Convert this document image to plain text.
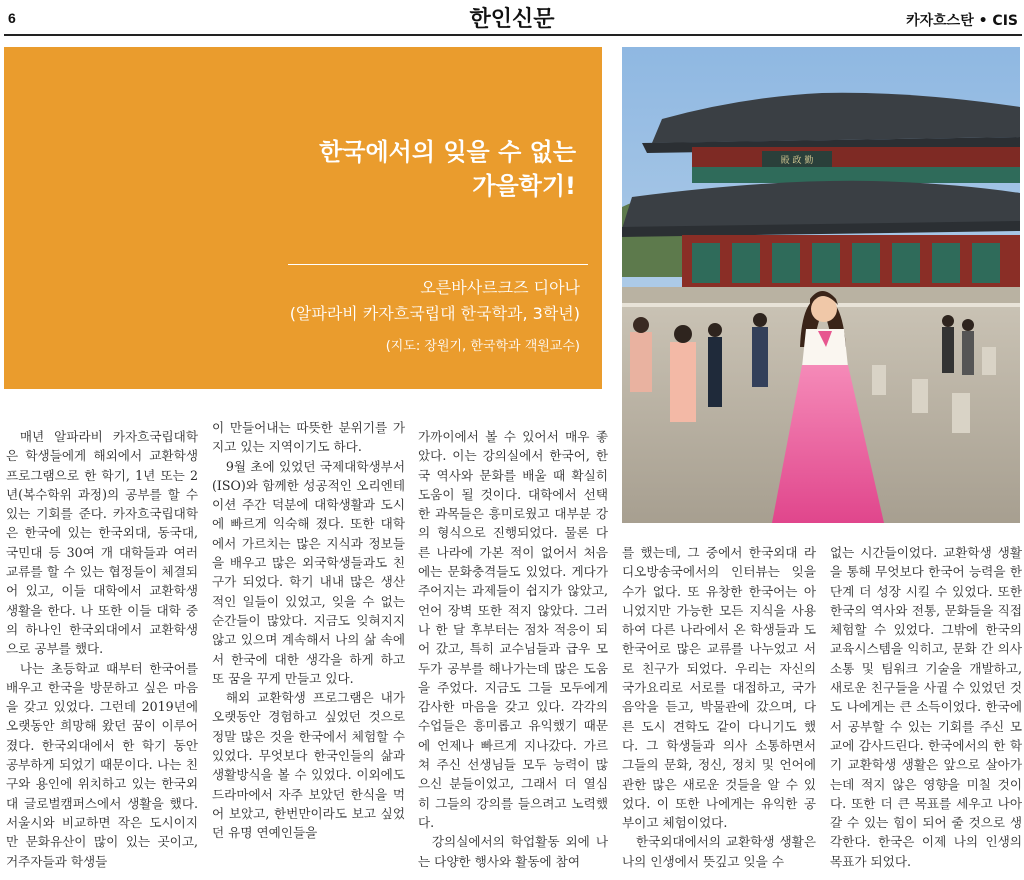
6	한인신문	카자흐스탄 • CIS
한국에서의 잊을 수 없는
가을학기!
오른바사르크즈 디아나
(알파라비 카자흐국립대 한국학과, 3학년)
(지도: 장원기, 한국학과 객원교수)
殿 政 勤

매년 알파라비 카자흐국립대학은 학생들에게 해외에서 교환학생 프로그램으로 한 학기, 1년 또는 2년(복수학위 과정)의 공부를 할 수 있는 기회를 준다. 카자흐국립대학은 한국에 있는 한국외대, 동국대, 국민대 등 30여 개 대학들과 여러 교류를 할 수 있는 협정들이 체결되어 있고, 이들 대학에서 교환학생 생활을 한다. 나 또한 이들 대학 중의 하나인 한국외대에서 교환학생으로 공부를 했다.

나는 초등학교 때부터 한국어를 배우고 한국을 방문하고 싶은 마음을 갖고 있었다. 그런데 2019년에 오랫동안 희망해 왔던 꿈이 이루어졌다. 한국외대에서 한 학기 동안 공부하게 되었기 때문이다. 나는 친구와 용인에 위치하고 있는 한국외대 글로벌캠퍼스에서 생활을 했다. 서울시와 비교하면 작은 도시이지만 문화유산이 많이 있는 곳이고, 거주자들과 학생들

이 만들어내는 따뜻한 분위기를 가지고 있는 지역이기도 하다.

9월 초에 있었던 국제대학생부서(ISO)와 함께한 성공적인 오리엔테이션 주간 덕분에 대학생활과 도시에 빠르게 익숙해 졌다. 또한 대학에서 가르치는 많은 지식과 정보들을 배우고 많은 외국학생들과도 친구가 되었다. 학기 내내 많은 생산적인 일들이 있었고, 잊을 수 없는 순간들이 많았다. 지금도 잊혀지지 않고 있으며 계속해서 나의 삶 속에서 한국에 대한 생각을 하게 하고 또 꿈을 꾸게 만들고 있다.

해외 교환학생 프로그램은 내가 오랫동안 경험하고 싶었던 것으로 정말 많은 것을 한국에서 체험할 수 있었다. 무엇보다 한국인들의 삶과 생활방식을 볼 수 있었다. 이외에도 드라마에서 자주 보았던 한식을 먹어 보았고, 한번만이라도 보고 싶었던 유명 연예인들을

가까이에서 볼 수 있어서 매우 좋았다. 이는 강의실에서 한국어, 한국 역사와 문화를 배울 때 확실히 도움이 될 것이다. 대학에서 선택한 과목들은 흥미로웠고 대부분 강의 형식으로 진행되었다. 물론 다른 나라에 가본 적이 없어서 처음에는 문화충격들도 있었다. 게다가 주어지는 과제들이 쉽지가 않았고, 언어 장벽 또한 적지 않았다. 그러나 한 달 후부터는 점차 적응이 되어 갔고, 특히 교수님들과 급우 모두가 공부를 해나가는데 많은 도움을 주었다. 지금도 그들 모두에게 감사한 마음을 갖고 있다. 각각의 수업들은 흥미롭고 유익했기 때문에 언제나 빠르게 지나갔다. 가르쳐 주신 선생님들 모두 능력이 많으신 분들이었고, 그래서 더 열심히 그들의 강의를 들으려고 노력했다.

강의실에서의 학업활동 외에 나는 다양한 행사와 활동에 참여

를 했는데, 그 중에서 한국외대 라디오방송국에서의 인터뷰는 잊을 수가 없다. 또 유창한 한국어는 아니었지만 가능한 모든 지식을 사용하여 다른 나라에서 온 학생들과 도 한국어로 많은 교류를 나누었고 서로 친구가 되었다. 우리는 자신의 국가요리로 서로를 대접하고, 국가음악을 듣고, 박물관에 갔으며, 다른 도시 견학도 같이 다니기도 했다. 그 학생들과 의사 소통하면서 그들의 문화, 정신, 정치 및 언어에 관한 많은 새로운 것들을 알 수 있었다. 이 또한 나에게는 유익한 공부이고 체험이었다.

한국외대에서의 교환학생 생활은 나의 인생에서 뜻깊고 잊을 수

없는 시간들이었다. 교환학생 생활을 통해 무엇보다 한국어 능력을 한 단계 더 성장 시킬 수 있었다. 또한 한국의 역사와 전통, 문화들을 직접 체험할 수 있었다. 그밖에 한국의 교육시스템을 익히고, 문화 간 의사소통 및 팀워크 기술을 개발하고, 새로운 친구들을 사귈 수 있었던 것도 나에게는 큰 소득이었다. 한국에서 공부할 수 있는 기회를 주신 모교에 감사드린다. 한국에서의 한 학기 교환학생 생활은 앞으로 살아가는데 적지 않은 영향을 미칠 것이다. 또한 더 큰 목표를 세우고 나아갈 수 있는 힘이 되어 줄 것으로 생각한다. 한국은 이제 나의 인생의 목표가 되었다.
